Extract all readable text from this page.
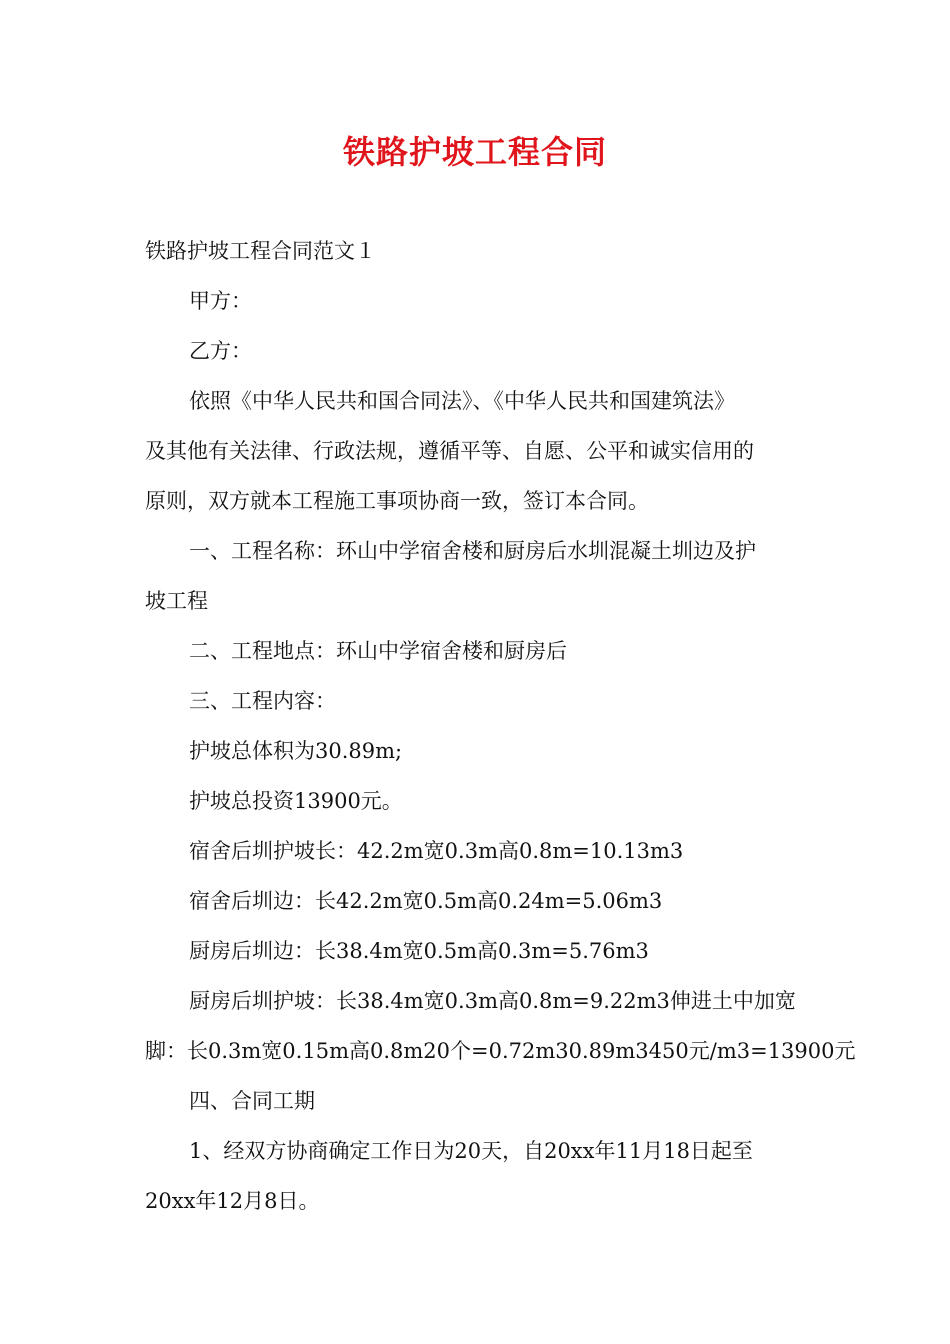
铁路护坡工程合同

铁路护坡工程合同范文１

甲方：

乙方：

依照《中华人民共和国合同法》、《中华人民共和国建筑法》

及其他有关法律、行政法规，遵循平等、自愿、公平和诚实信用的

原则，双方就本工程施工事项协商一致，签订本合同。

一、工程名称：环山中学宿舍楼和厨房后水圳混凝土圳边及护

坡工程

二、工程地点：环山中学宿舍楼和厨房后

三、工程内容：

护坡总体积为30.89m;

护坡总投资13900元。

宿舍后圳护坡长：42.2m宽0.3m高0.8m=10.13m3

宿舍后圳边：长42.2m宽0.5m高0.24m=5.06m3

厨房后圳边：长38.4m宽0.5m高0.3m=5.76m3

厨房后圳护坡：长38.4m宽0.3m高0.8m=9.22m3伸进土中加宽

脚：长0.3m宽0.15m高0.8m20个=0.72m30.89m3450元/m3=13900元

四、合同工期

1、经双方协商确定工作日为20天，自20xx年11月18日起至

20xx年12月8日。
